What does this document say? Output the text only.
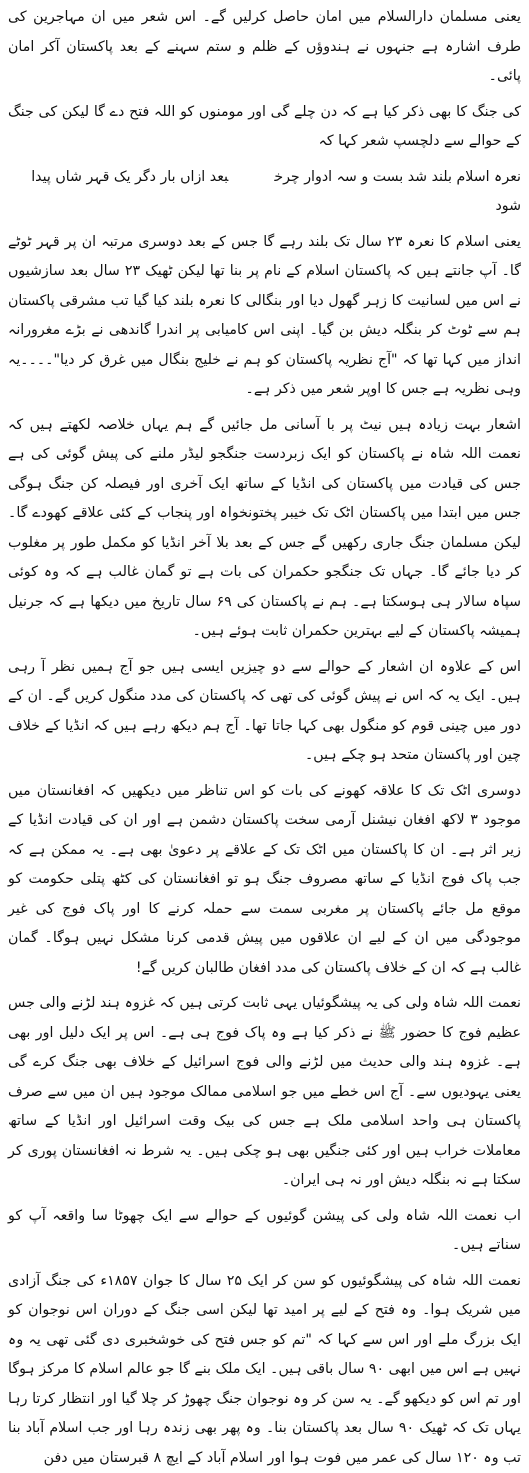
یعنی مسلمان دارالسلام میں امان حاصل کرلیں گے۔ اس شعر میں ان مہاجرین کی طرف اشارہ ہے جنہوں نے ہندوؤں کے ظلم و ستم سہنے کے بعد پاکستان آکر امان پائی۔

کی جنگ کا بھی ذکر کیا ہے کہ دن چلے گی اور مومنوں کو اللہ فتح دے گا لیکن کی جنگ کے حوالے سے دلچسپ شعر کہا کہ

نعرہ اسلام بلند شد بست و سہ ادوار چرخبعد ازاں بار دگر یک قہر شاں پیدا شود

یعنی اسلام کا نعرہ ۲۳ سال تک بلند رہے گا جس کے بعد دوسری مرتبہ ان پر قہر ٹوٹے گا۔ آپ جانتے ہیں کہ پاکستان اسلام کے نام پر بنا تھا لیکن ٹھیک ۲۳ سال بعد سازشیوں نے اس میں لسانیت کا زہر گھول دیا اور بنگالی کا نعرہ بلند کیا گیا تب مشرقی پاکستان ہم سے ٹوٹ کر بنگلہ دیش بن گیا۔ اپنی اس کامیابی پر اندرا گاندھی نے بڑے مغرورانہ انداز میں کہا تھا کہ "آج نظریہ پاکستان کو ہم نے خلیج بنگال میں غرق کر دیا"۔۔۔۔یہ وہی نظریہ ہے جس کا اوپر شعر میں ذکر ہے۔

اشعار بہت زیادہ ہیں نیٹ پر با آسانی مل جائیں گے ہم یہاں خلاصہ لکھتے ہیں کہ نعمت اللہ شاہ نے پاکستان کو ایک زبردست جنگجو لیڈر ملنے کی پیش گوئی کی ہے جس کی قیادت میں پاکستان کی انڈیا کے ساتھ ایک آخری اور فیصلہ کن جنگ ہوگی جس میں ابتدا میں پاکستان اٹک تک خیبر پختونخواہ اور پنجاب کے کئی علاقے کھودے گا۔ لیکن مسلمان جنگ جاری رکھیں گے جس کے بعد بلا آخر انڈیا کو مکمل طور پر مغلوب کر دیا جائے گا۔ جہاں تک جنگجو حکمران کی بات ہے تو گمان غالب ہے کہ وہ کوئی سپاہ سالار ہی ہوسکتا ہے۔ ہم نے پاکستان کی ۶۹ سال تاریخ میں دیکھا ہے کہ جرنیل ہمیشہ پاکستان کے لیے بہترین حکمران ثابت ہوئے ہیں۔

اس کے علاوہ ان اشعار کے حوالے سے دو چیزیں ایسی ہیں جو آج ہمیں نظر آ رہی ہیں۔ ایک یہ کہ اس نے پیش گوئی کی تھی کہ پاکستان کی مدد منگول کریں گے۔ ان کے دور میں چینی قوم کو منگول بھی کہا جاتا تھا۔ آج ہم دیکھ رہے ہیں کہ انڈیا کے خلاف چین اور پاکستان متحد ہو چکے ہیں۔

دوسری اٹک تک کا علاقہ کھونے کی بات کو اس تناظر میں دیکھیں کہ افغانستان میں موجود ۳ لاکھ افغان نیشنل آرمی سخت پاکستان دشمن ہے اور ان کی قیادت انڈیا کے زیر اثر ہے۔ ان کا پاکستان میں اٹک تک کے علاقے پر دعویٰ بھی ہے۔ یہ ممکن ہے کہ جب پاک فوج انڈیا کے ساتھ مصروف جنگ ہو تو افغانستان کی کٹھ پتلی حکومت کو موقع مل جائے پاکستان پر مغربی سمت سے حملہ کرنے کا اور پاک فوج کی غیر موجودگی میں ان کے لیے ان علاقوں میں پیش قدمی کرنا مشکل نہیں ہوگا۔ گمان غالب ہے کہ ان کے خلاف پاکستان کی مدد افغان طالبان کریں گے!

نعمت اللہ شاہ ولی کی یہ پیشگوئیاں یہی ثابت کرتی ہیں کہ غزوہ ہند لڑنے والی جس عظیم فوج کا حضور ﷺ نے ذکر کیا ہے وہ پاک فوج ہی ہے۔ اس پر ایک دلیل اور بھی ہے۔ غزوہ ہند والی حدیث میں لڑنے والی فوج اسرائیل کے خلاف بھی جنگ کرے گی یعنی یہودیوں سے۔ آج اس خطے میں جو اسلامی ممالک موجود ہیں ان میں سے صرف پاکستان ہی واحد اسلامی ملک ہے جس کی بیک وقت اسرائیل اور انڈیا کے ساتھ معاملات خراب ہیں اور کئی جنگیں بھی ہو چکی ہیں۔ یہ شرط نہ افغانستان پوری کر سکتا ہے نہ بنگلہ دیش اور نہ ہی ایران۔

اب نعمت اللہ شاہ ولی کی پیشن گوئیوں کے حوالے سے ایک چھوٹا سا واقعہ آپ کو سناتے ہیں۔

نعمت اللہ شاہ کی پیشگوئیوں کو سن کر ایک ۲۵ سال کا جوان ۱۸۵۷ء کی جنگ آزادی میں شریک ہوا۔ وہ فتح کے لیے پر امید تھا لیکن اسی جنگ کے دوران اس نوجوان کو ایک بزرگ ملے اور اس سے کہا کہ "تم کو جس فتح کی خوشخبری دی گئی تھی یہ وہ نہیں ہے اس میں ابھی ۹۰ سال باقی ہیں۔ ایک ملک بنے گا جو عالم اسلام کا مرکز ہوگا اور تم اس کو دیکھو گے۔ یہ سن کر وہ نوجوان جنگ چھوڑ کر چلا گیا اور انتظار کرتا رہا یہاں تک کہ ٹھیک ۹۰ سال بعد پاکستان بنا۔ وہ پھر بھی زندہ رہا اور جب اسلام آباد بنا تب وہ ۱۲۰ سال کی عمر میں فوت ہوا اور اسلام آباد کے ایچ ۸ قبرستان میں دفن
